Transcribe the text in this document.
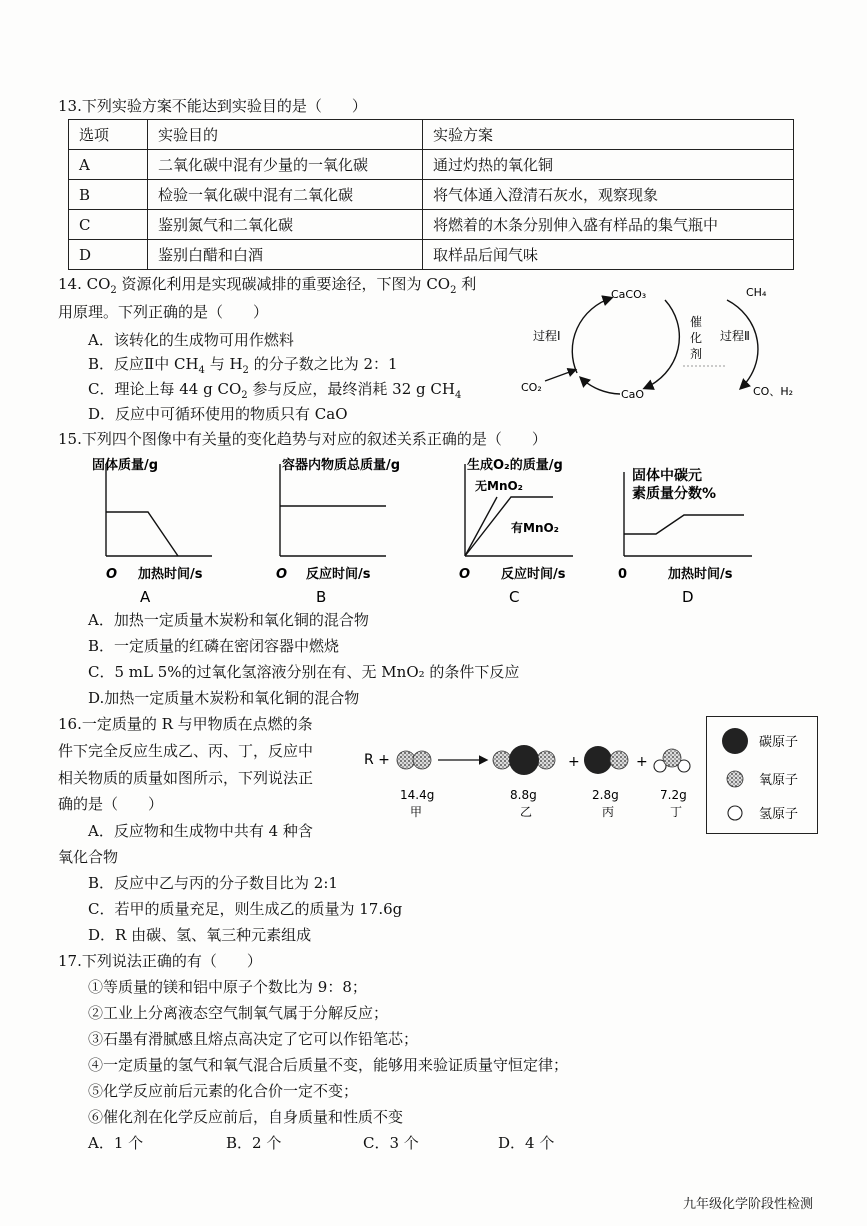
13.下列实验方案不能达到实验目的是（　　）
选项	实验目的	实验方案
A	二氧化碳中混有少量的一氧化碳	通过灼热的氧化铜
B	检验一氧化碳中混有二氧化碳	将气体通入澄清石灰水，观察现象
C	鉴别氮气和二氧化碳	将燃着的木条分别伸入盛有样品的集气瓶中
D	鉴别白醋和白酒	取样品后闻气味
14. $CO_2$ 资源化利用是实现碳减排的重要途径，下图为 $CO_2$ 利
用原理。下列正确的是（　　）
A．该转化的生成物可用作燃料
B．反应Ⅱ中 $CH_4$ 与 $H_2$ 的分子数之比为 2：1
C．理论上每 44 g $CO_2$ 参与反应，最终消耗 32 g $CH_4$
D．反应中可循环使用的物质只有 CaO
CaCO₃	CH₄
过程Ⅰ	过程Ⅱ
催
化
剂
CO₂
CaO	CO、H₂
15.下列四个图像中有关量的变化趋势与对应的叙述关系正确的是（　　）
固体质量/g
O 加热时间/s
A
容器内物质总质量/g
O 反应时间/s
B
生成O₂的质量/g
无MnO₂
有MnO₂
O 反应时间/s
C
固体中碳元
素质量分数%
0	加热时间/s
D
A．加热一定质量木炭粉和氧化铜的混合物
B．一定质量的红磷在密闭容器中燃烧
C．5 mL 5%的过氧化氢溶液分别在有、无 MnO₂ 的条件下反应
D.加热一定质量木炭粉和氧化铜的混合物
16.一定质量的 R 与甲物质在点燃的条
件下完全反应生成乙、丙、丁，反应中
相关物质的质量如图所示，下列说法正
确的是（　　）
A．反应物和生成物中共有 4 种含
氧化合物
B．反应中乙与丙的分子数目比为 2:1
C．若甲的质量充足，则生成乙的质量为 17.6g
D．R 由碳、氢、氧三种元素组成
R +	+	+
14.4g
甲
8.8g
乙
2.8g
丙
7.2g
丁
碳原子
氧原子
氢原子
17.下列说法正确的有（　　）
①等质量的镁和铝中原子个数比为 9：8；
②工业上分离液态空气制氧气属于分解反应；
③石墨有滑腻感且熔点高决定了它可以作铅笔芯；
④一定质量的氢气和氧气混合后质量不变，能够用来验证质量守恒定律；
⑤化学反应前后元素的化合价一定不变；
⑥催化剂在化学反应前后，自身质量和性质不变
A．1 个	B．2 个	C．3 个	D．4 个
九年级化学阶段性检测
